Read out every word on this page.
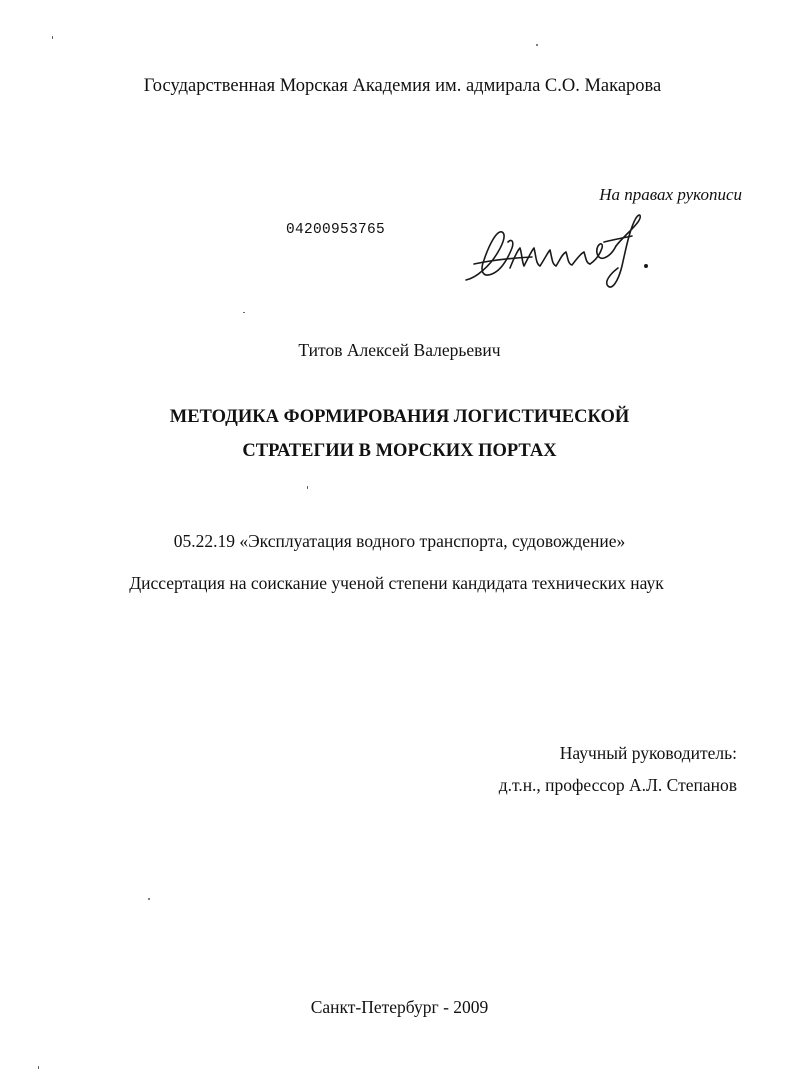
Государственная Морская Академия им. адмирала С.О. Макарова
На правах рукописи
04200953765
Титов Алексей Валерьевич
МЕТОДИКА ФОРМИРОВАНИЯ ЛОГИСТИЧЕСКОЙ
СТРАТЕГИИ В МОРСКИХ ПОРТАХ
05.22.19 «Эксплуатация водного транспорта, судовождение»
Диссертация на соискание ученой степени кандидата технических наук
Научный руководитель:
д.т.н., профессор А.Л. Степанов
Санкт-Петербург - 2009
